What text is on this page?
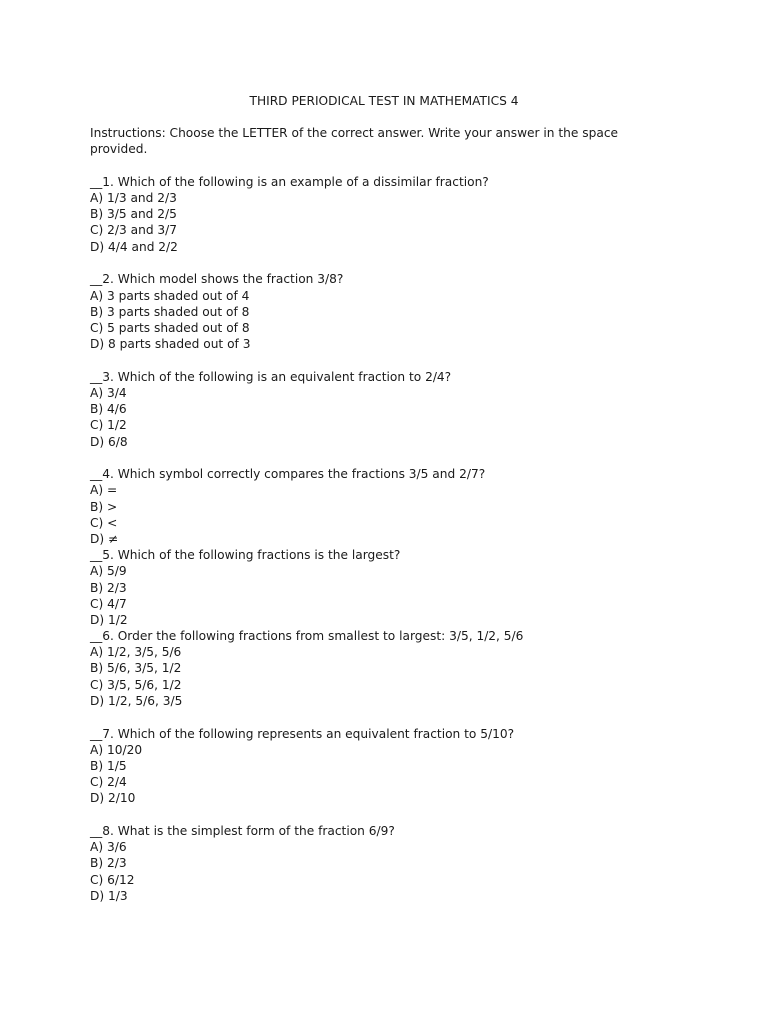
THIRD PERIODICAL TEST IN MATHEMATICS 4
Instructions: Choose the LETTER of the correct answer. Write your answer in the space provided.
__1. Which of the following is an example of a dissimilar fraction?
A) 1/3 and 2/3
B) 3/5 and 2/5
C) 2/3 and 3/7
D) 4/4 and 2/2
__2. Which model shows the fraction 3/8?
A) 3 parts shaded out of 4
B) 3 parts shaded out of 8
C) 5 parts shaded out of 8
D) 8 parts shaded out of 3
__3. Which of the following is an equivalent fraction to 2/4?
A) 3/4
B) 4/6
C) 1/2
D) 6/8
__4. Which symbol correctly compares the fractions 3/5 and 2/7?
A) =
B) >
C) <
D) ≠
__5. Which of the following fractions is the largest?
A) 5/9
B) 2/3
C) 4/7
D) 1/2
__6. Order the following fractions from smallest to largest: 3/5, 1/2, 5/6
A) 1/2, 3/5, 5/6
B) 5/6, 3/5, 1/2
C) 3/5, 5/6, 1/2
D) 1/2, 5/6, 3/5
__7. Which of the following represents an equivalent fraction to 5/10?
A) 10/20
B) 1/5
C) 2/4
D) 2/10
__8. What is the simplest form of the fraction 6/9?
A) 3/6
B) 2/3
C) 6/12
D) 1/3
